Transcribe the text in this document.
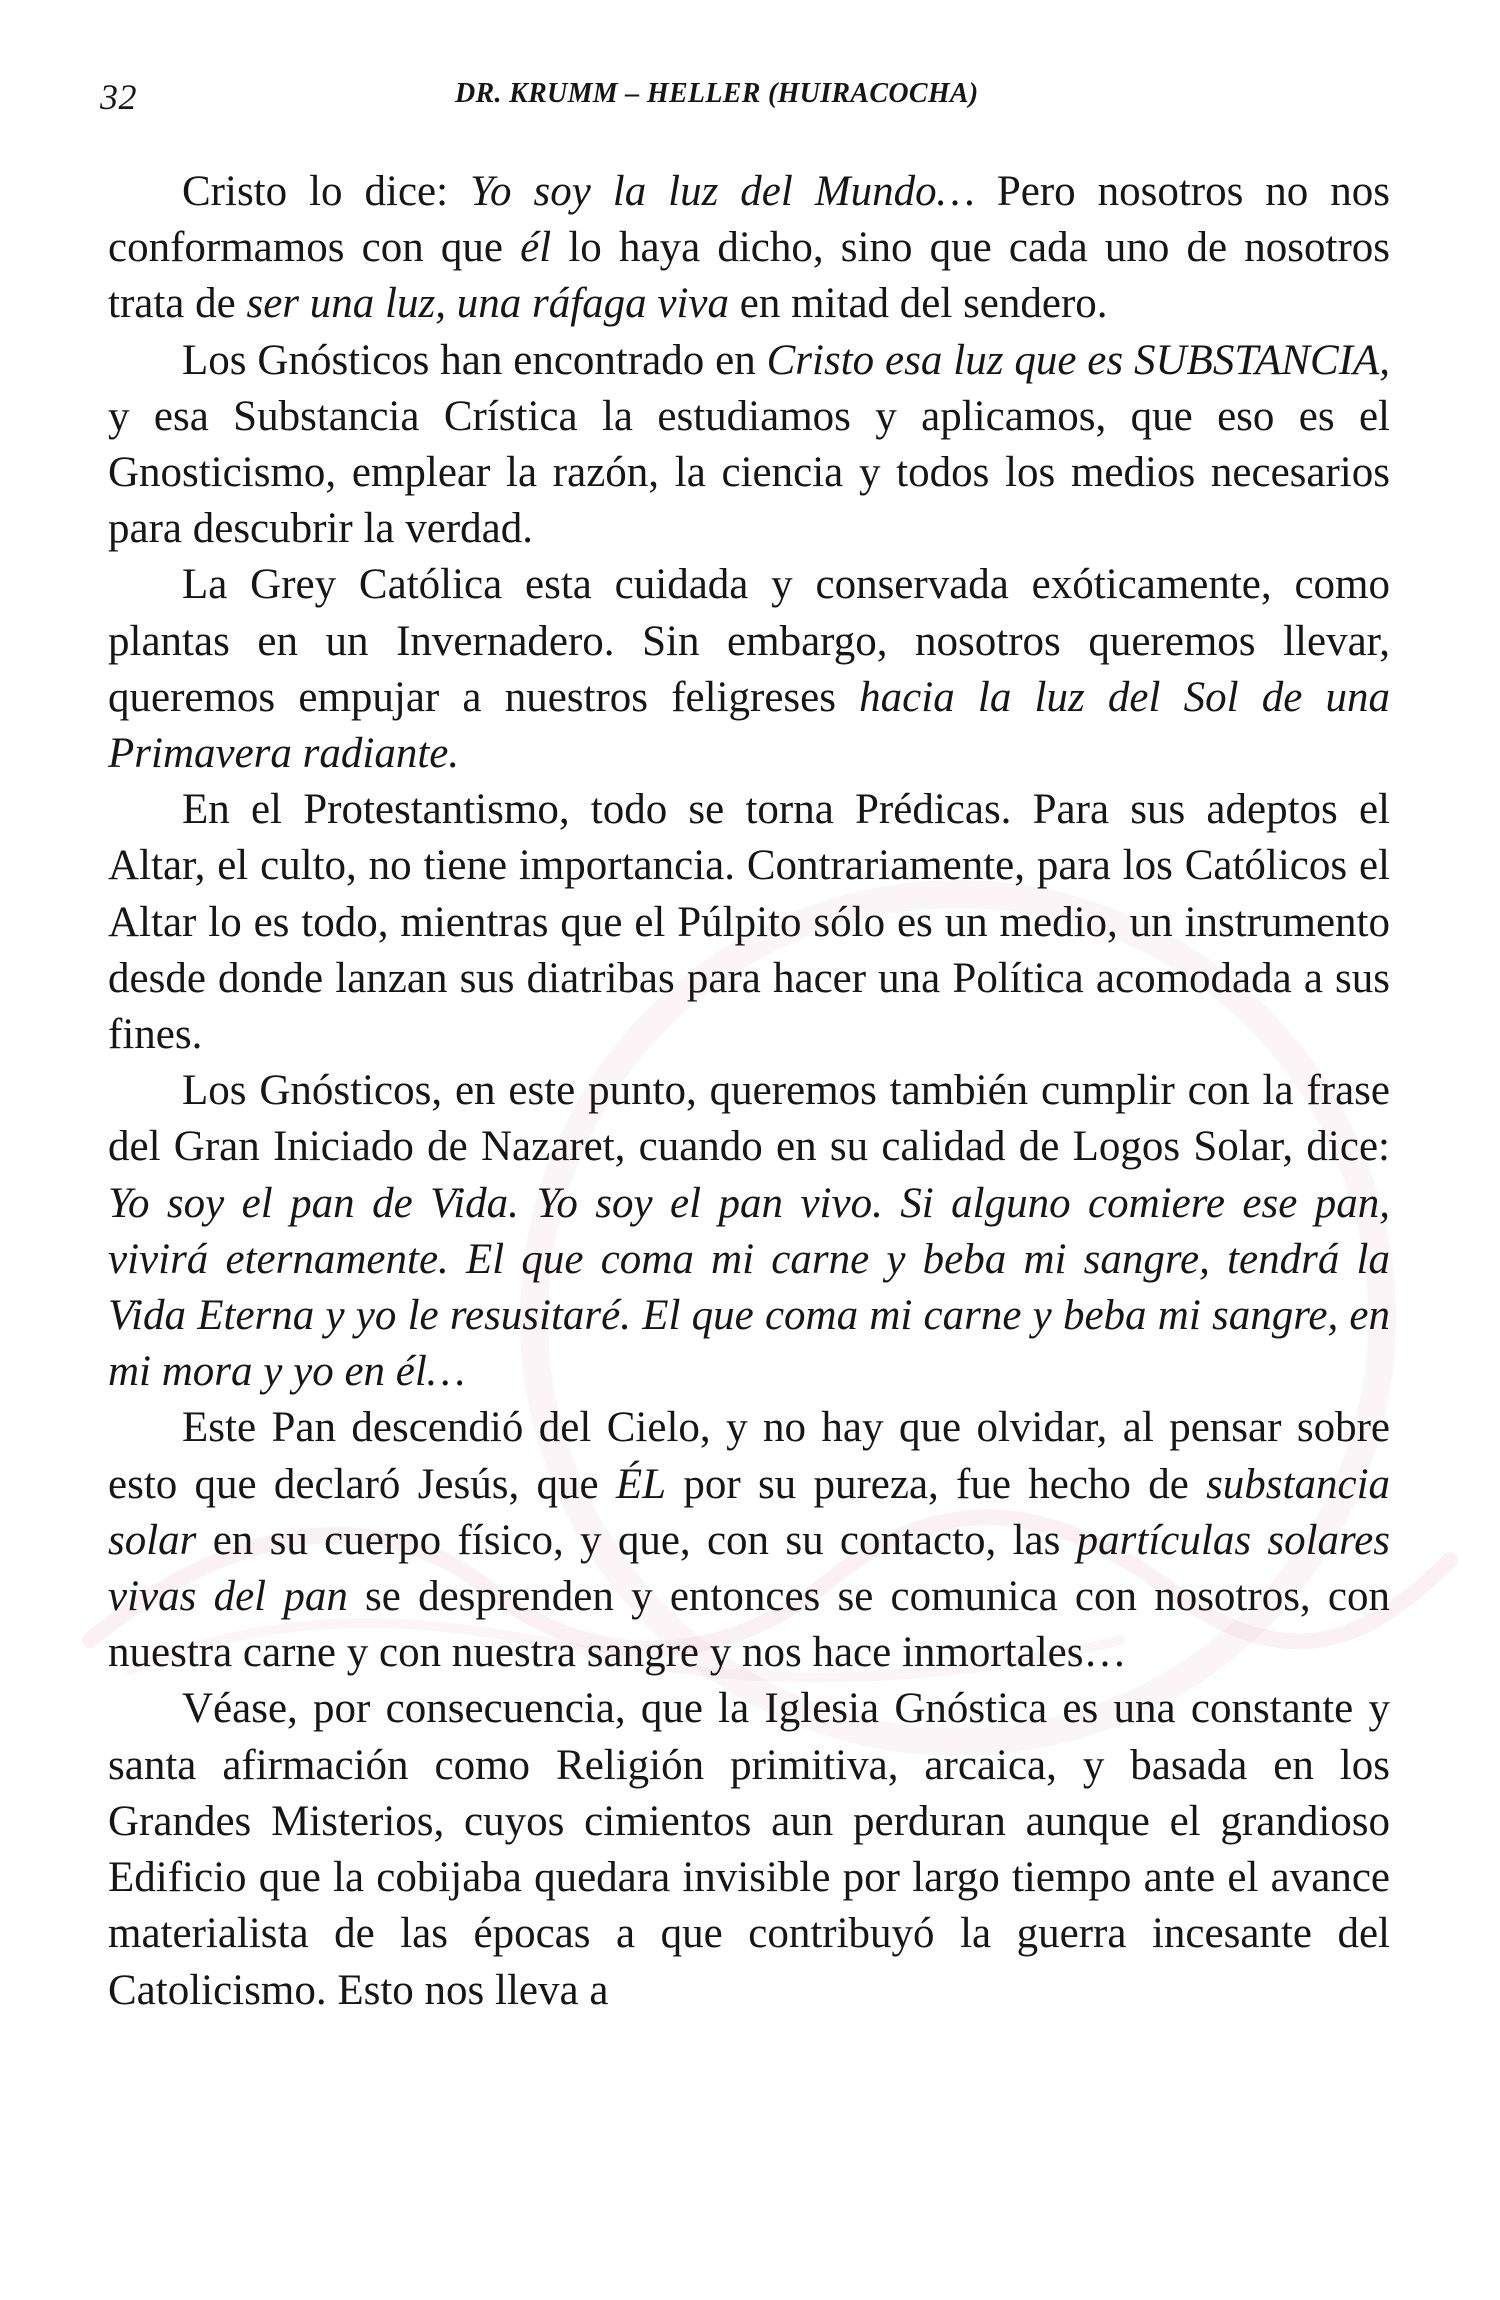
32	DR. KRUMM – HELLER (HUIRACOCHA)

Cristo lo dice: Yo soy la luz del Mundo… Pero nosotros no nos conformamos con que él lo haya dicho, sino que cada uno de nosotros trata de ser una luz, una ráfaga viva en mitad del sendero.

Los Gnósticos han encontrado en Cristo esa luz que es SUBSTANCIA, y esa Substancia Crística la estudiamos y aplicamos, que eso es el Gnosticismo, emplear la razón, la ciencia y todos los medios necesarios para descubrir la verdad.

La Grey Católica esta cuidada y conservada exóticamente, como plantas en un Invernadero. Sin embargo, nosotros queremos llevar, queremos empujar a nuestros feligreses hacia la luz del Sol de una Primavera radiante.

En el Protestantismo, todo se torna Prédicas. Para sus adeptos el Altar, el culto, no tiene importancia. Contrariamente, para los Católicos el Altar lo es todo, mientras que el Púlpito sólo es un medio, un instrumento desde donde lanzan sus diatribas para hacer una Política acomodada a sus fines.

Los Gnósticos, en este punto, queremos también cumplir con la frase del Gran Iniciado de Nazaret, cuando en su calidad de Logos Solar, dice: Yo soy el pan de Vida. Yo soy el pan vivo. Si alguno comiere ese pan, vivirá eternamente. El que coma mi carne y beba mi sangre, tendrá la Vida Eterna y yo le resusitaré. El que coma mi carne y beba mi sangre, en mi mora y yo en él…

Este Pan descendió del Cielo, y no hay que olvidar, al pensar sobre esto que declaró Jesús, que ÉL por su pureza, fue hecho de substancia solar en su cuerpo físico, y que, con su contacto, las partículas solares vivas del pan se desprenden y entonces se comunica con nosotros, con nuestra carne y con nuestra sangre y nos hace inmortales…

Véase, por consecuencia, que la Iglesia Gnóstica es una constante y santa afirmación como Religión primitiva, arcaica, y basada en los Grandes Misterios, cuyos cimientos aun perduran aunque el grandioso Edificio que la cobijaba quedara invisible por largo tiempo ante el avance materialista de las épocas a que contribuyó la guerra incesante del Catolicismo. Esto nos lleva a
